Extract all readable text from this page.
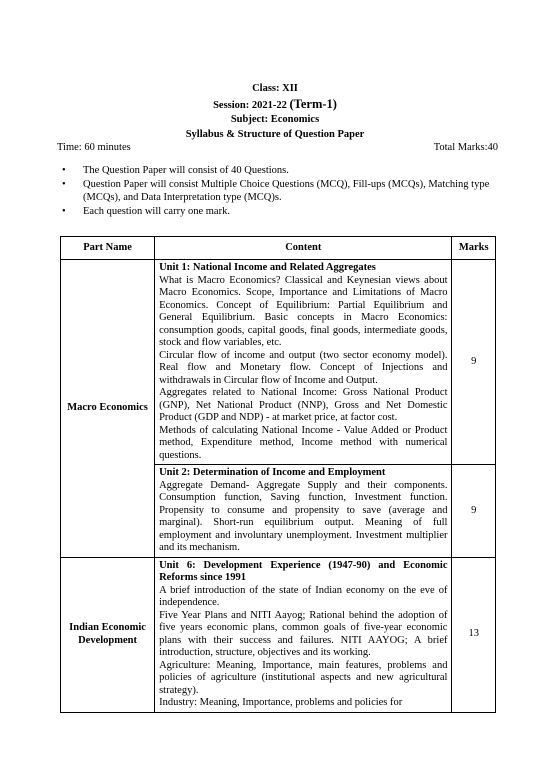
Class: XII
Session: 2021-22 (Term-1)
Subject: Economics
Syllabus & Structure of Question Paper
Time: 60 minutes	Total Marks:40
• The Question Paper will consist of 40 Questions.
• Question Paper will consist Multiple Choice Questions (MCQ), Fill-ups (MCQs), Matching type (MCQs), and Data Interpretation type (MCQ)s.
• Each question will carry one mark.
Part Name	Content	Marks
Macro Economics	Unit 1: National Income and Related Aggregates
What is Macro Economics? Classical and Keynesian views about Macro Economics. Scope, Importance and Limitations of Macro Economics. Concept of Equilibrium: Partial Equilibrium and General Equilibrium. Basic concepts in Macro Economics: consumption goods, capital goods, final goods, intermediate goods, stock and flow variables, etc.
Circular flow of income and output (two sector economy model). Real flow and Monetary flow. Concept of Injections and withdrawals in Circular flow of Income and Output.
Aggregates related to National Income: Gross National Product (GNP), Net National Product (NNP), Gross and Net Domestic Product (GDP and NDP) - at market price, at factor cost.
Methods of calculating National Income - Value Added or Product method, Expenditure method, Income method with numerical questions.	9

	Unit 2: Determination of Income and Employment
Aggregate Demand- Aggregate Supply and their components. Consumption function, Saving function, Investment function. Propensity to consume and propensity to save (average and marginal). Short-run equilibrium output. Meaning of full employment and involuntary unemployment. Investment multiplier and its mechanism.	9
Indian Economic Development	Unit 6: Development Experience (1947-90) and Economic Reforms since 1991
A brief introduction of the state of Indian economy on the eve of independence.
Five Year Plans and NITI Aayog; Rational behind the adoption of five years economic plans, common goals of five-year economic plans with their success and failures. NITI AAYOG; A brief introduction, structure, objectives and its working.
Agriculture: Meaning, Importance, main features, problems and policies of agriculture (institutional aspects and new agricultural strategy).
Industry: Meaning, Importance, problems and policies for	13
